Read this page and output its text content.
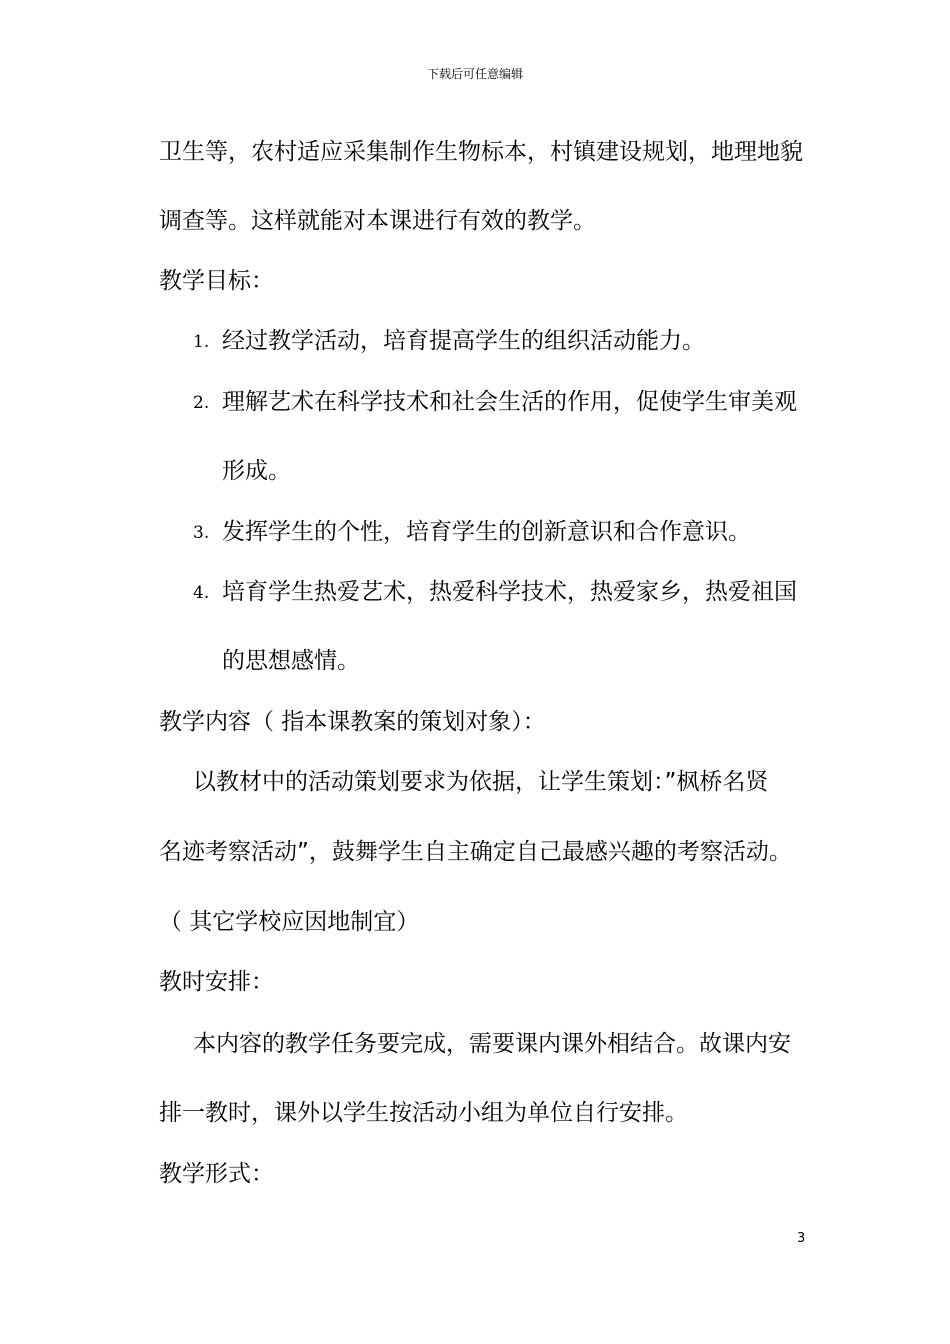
下载后可任意编辑
卫生等，农村适应采集制作生物标本，村镇建设规划，地理地貌
调查等。这样就能对本课进行有效的教学。
教学目标：
1. 经过教学活动，培育提高学生的组织活动能力。
2. 理解艺术在科学技术和社会生活的作用，促使学生审美观
形成。
3. 发挥学生的个性，培育学生的创新意识和合作意识。
4. 培育学生热爱艺术，热爱科学技术，热爱家乡，热爱祖国
的思想感情。
教学内容（ 指本课教案的策划对象）：
以教材中的活动策划要求为依据，让学生策划：”枫桥名贤
名迹考察活动”，鼓舞学生自主确定自己最感兴趣的考察活动。
（ 其它学校应因地制宜）
教时安排：
本内容的教学任务要完成，需要课内课外相结合。故课内安
排一教时，课外以学生按活动小组为单位自行安排。
教学形式：
3
